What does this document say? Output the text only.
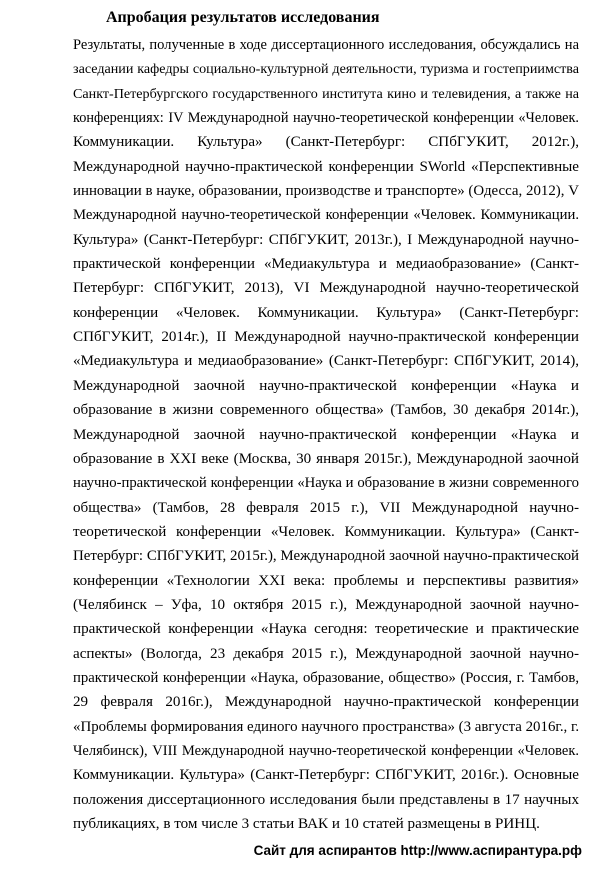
Апробация результатов исследования
Результаты, полученные в ходе диссертационного исследования, обсуждались на
заседании кафедры социально-культурной деятельности, туризма и гостеприимства
Санкт-Петербургского государственного института кино и телевидения, а также на
конференциях: IV Международной научно-теоретической конференции «Человек.
Коммуникации. Культура» (Санкт-Петербург: СПбГУКИТ, 2012г.),
Международной научно-практической конференции SWorld «Перспективные
инновации в науке, образовании, производстве и транспорте» (Одесса, 2012), V
Международной научно-теоретической конференции «Человек. Коммуникации.
Культура» (Санкт-Петербург: СПбГУКИТ, 2013г.), I Международной научно-
практической конференции «Медиакультура и медиаобразование» (Санкт-
Петербург: СПбГУКИТ, 2013), VI Международной научно-теоретической
конференции «Человек. Коммуникации. Культура» (Санкт-Петербург:
СПбГУКИТ, 2014г.), II Международной научно-практической конференции
«Медиакультура и медиаобразование» (Санкт-Петербург: СПбГУКИТ, 2014),
Международной заочной научно-практической конференции «Наука и
образование в жизни современного общества» (Тамбов, 30 декабря 2014г.),
Международной заочной научно-практической конференции «Наука и
образование в XXI веке (Москва, 30 января 2015г.), Международной заочной
научно-практической конференции «Наука и образование в жизни современного
общества» (Тамбов, 28 февраля 2015 г.), VII Международной научно-
теоретической конференции «Человек. Коммуникации. Культура» (Санкт-
Петербург: СПбГУКИТ, 2015г.), Международной заочной научно-практической
конференции «Технологии XXI века: проблемы и перспективы развития»
(Челябинск – Уфа, 10 октября 2015 г.), Международной заочной научно-
практической конференции «Наука сегодня: теоретические и практические
аспекты» (Вологда, 23 декабря 2015 г.), Международной заочной научно-
практической конференции «Наука, образование, общество» (Россия, г. Тамбов,
29 февраля 2016г.), Международной научно-практической конференции
«Проблемы формирования единого научного пространства» (3 августа 2016г., г.
Челябинск), VIII Международной научно-теоретической конференции «Человек.
Коммуникации. Культура» (Санкт-Петербург: СПбГУКИТ, 2016г.). Основные
положения диссертационного исследования были представлены в 17 научных
публикациях, в том числе 3 статьи ВАК и 10 статей размещены в РИНЦ.
Сайт для аспирантов http://www.аспирантура.рф
